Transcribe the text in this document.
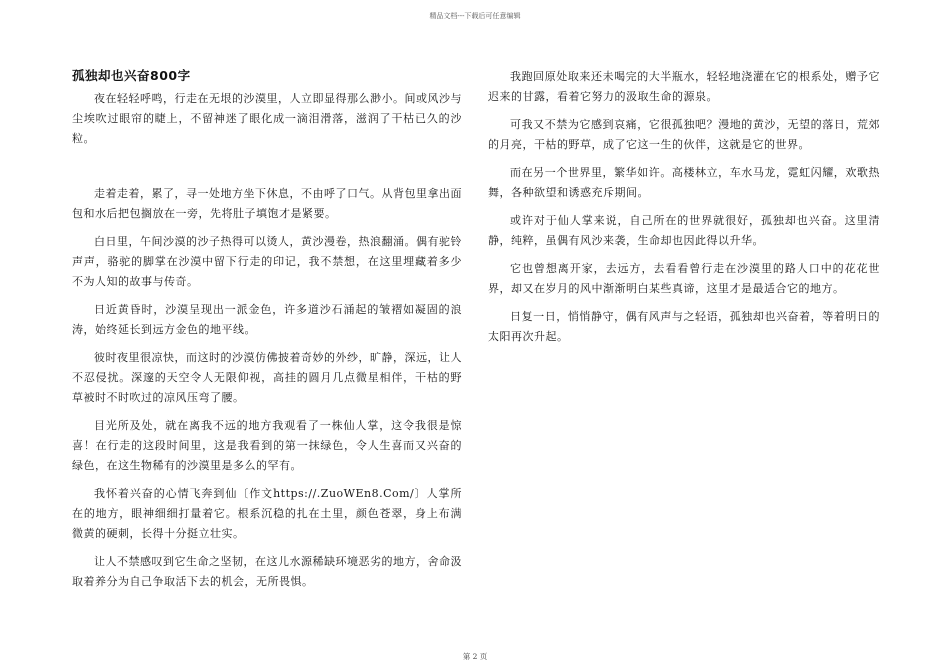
精品文档---下载后可任意编辑
孤独却也兴奋800字

夜在轻轻呼鸣，行走在无垠的沙漠里，人立即显得那么渺小。间或风沙与尘埃吹过眼帘的睫上，不留神迷了眼化成一滴泪滑落，滋润了干枯已久的沙粒。

走着走着，累了，寻一处地方坐下休息，不由呼了口气。从背包里拿出面包和水后把包搁放在一旁，先将肚子填饱才是紧要。

白日里，午间沙漠的沙子热得可以烫人，黄沙漫卷，热浪翻涌。偶有驼铃声声，骆驼的脚掌在沙漠中留下行走的印记，我不禁想，在这里埋藏着多少不为人知的故事与传奇。

日近黄昏时，沙漠呈现出一派金色，许多道沙石涌起的皱褶如凝固的浪涛，始终延长到远方金色的地平线。

彼时夜里很凉快，而这时的沙漠仿佛披着奇妙的外纱，旷静，深远，让人不忍侵扰。深邃的天空令人无限仰视，高挂的圆月几点微星相伴，干枯的野草被时不时吹过的凉风压弯了腰。

目光所及处，就在离我不远的地方我观看了一株仙人掌，这令我很是惊喜！在行走的这段时间里，这是我看到的第一抹绿色，令人生喜而又兴奋的绿色，在这生物稀有的沙漠里是多么的罕有。

我怀着兴奋的心情飞奔到仙〔作文https://.ZuoWEn8.Com/〕人掌所在的地方，眼神细细打量着它。根系沉稳的扎在土里，颜色苍翠，身上布满微黄的硬刺，长得十分挺立壮实。

让人不禁感叹到它生命之坚韧，在这儿水源稀缺环境恶劣的地方，舍命汲取着养分为自己争取活下去的机会，无所畏惧。

我跑回原处取来还未喝完的大半瓶水，轻轻地浇灌在它的根系处，赠予它迟来的甘露，看着它努力的汲取生命的源泉。

可我又不禁为它感到哀痛，它很孤独吧？漫地的黄沙，无望的落日，荒郊的月亮，干枯的野草，成了它这一生的伙伴，这就是它的世界。

而在另一个世界里，繁华如许。高楼林立，车水马龙，霓虹闪耀，欢歌热舞，各种欲望和诱惑充斥期间。

或许对于仙人掌来说，自己所在的世界就很好，孤独却也兴奋。这里清静，纯粹，虽偶有风沙来袭，生命却也因此得以升华。

它也曾想离开家，去远方，去看看曾行走在沙漠里的路人口中的花花世界，却又在岁月的风中渐渐明白某些真谛，这里才是最适合它的地方。

日复一日，悄悄静守，偶有风声与之轻语，孤独却也兴奋着，等着明日的太阳再次升起。

第 2 页
